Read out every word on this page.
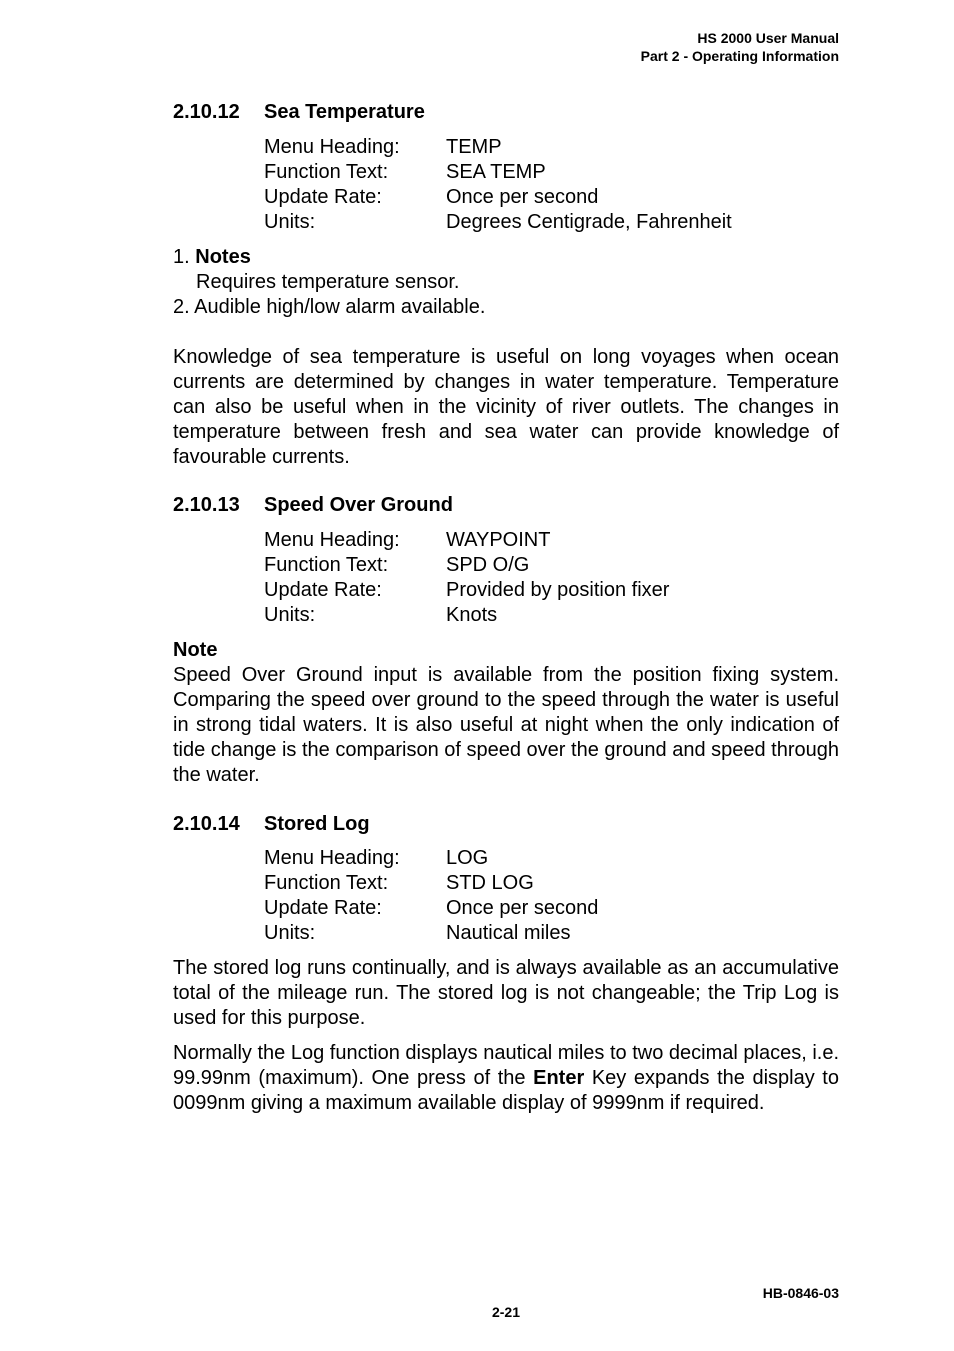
HS 2000 User Manual
Part 2 - Operating Information
2.10.12 Sea Temperature
Menu Heading:	TEMP
Function Text:	SEA TEMP
Update Rate:	Once per second
Units:	Degrees Centigrade, Fahrenheit
1. Notes
Requires temperature sensor.
2. Audible high/low alarm available.
Knowledge of sea temperature is useful on long voyages when ocean currents are determined by changes in water temperature. Temperature can also be useful when in the vicinity of river outlets. The changes in temperature between fresh and sea water can provide knowledge of favourable currents.
2.10.13 Speed Over Ground
Menu Heading:	WAYPOINT
Function Text:	SPD O/G
Update Rate:	Provided by position fixer
Units:	Knots
Note
Speed Over Ground input is available from the position fixing system. Comparing the speed over ground to the speed through the water is useful in strong tidal waters. It is also useful at night when the only indication of tide change is the comparison of speed over the ground and speed through the water.
2.10.14 Stored Log
Menu Heading:	LOG
Function Text:	STD LOG
Update Rate:	Once per second
Units:	Nautical miles
The stored log runs continually, and is always available as an accumulative total of the mileage run. The stored log is not changeable; the Trip Log is used for this purpose.
Normally the Log function displays nautical miles to two decimal places, i.e. 99.99nm (maximum). One press of the Enter Key expands the display to 0099nm giving a maximum available display of 9999nm if required.
HB-0846-03
2-21
